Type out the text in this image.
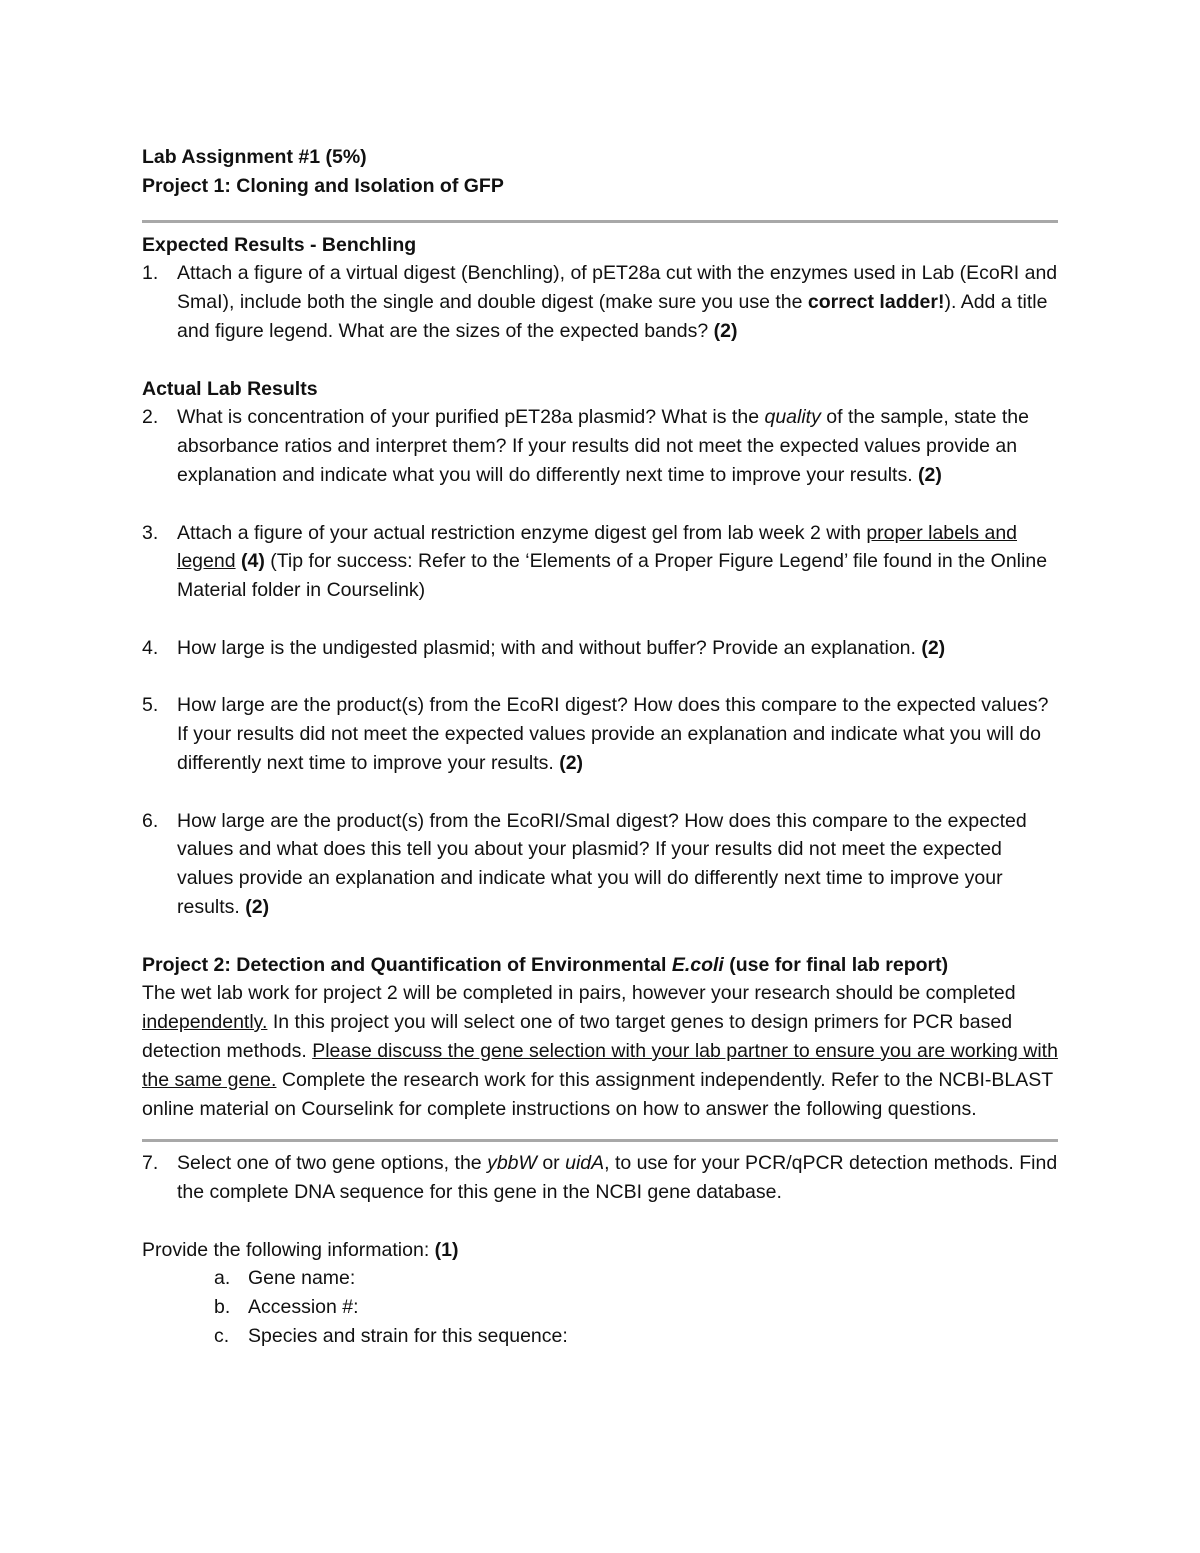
Lab Assignment #1 (5%)
Project 1: Cloning and Isolation of GFP
Expected Results - Benchling
1. Attach a figure of a virtual digest (Benchling), of pET28a cut with the enzymes used in Lab (EcoRI and SmaI), include both the single and double digest (make sure you use the correct ladder!). Add a title and figure legend. What are the sizes of the expected bands? (2)
Actual Lab Results
2. What is concentration of your purified pET28a plasmid? What is the quality of the sample, state the absorbance ratios and interpret them? If your results did not meet the expected values provide an explanation and indicate what you will do differently next time to improve your results. (2)
3. Attach a figure of your actual restriction enzyme digest gel from lab week 2 with proper labels and legend (4) (Tip for success: Refer to the ‘Elements of a Proper Figure Legend’ file found in the Online Material folder in Courselink)
4. How large is the undigested plasmid; with and without buffer? Provide an explanation. (2)
5. How large are the product(s) from the EcoRI digest? How does this compare to the expected values? If your results did not meet the expected values provide an explanation and indicate what you will do differently next time to improve your results. (2)
6. How large are the product(s) from the EcoRI/SmaI digest? How does this compare to the expected values and what does this tell you about your plasmid? If your results did not meet the expected values provide an explanation and indicate what you will do differently next time to improve your results. (2)
Project 2: Detection and Quantification of Environmental E.coli (use for final lab report)
The wet lab work for project 2 will be completed in pairs, however your research should be completed independently. In this project you will select one of two target genes to design primers for PCR based detection methods. Please discuss the gene selection with your lab partner to ensure you are working with the same gene. Complete the research work for this assignment independently. Refer to the NCBI-BLAST online material on Courselink for complete instructions on how to answer the following questions.
7. Select one of two gene options, the ybbW or uidA, to use for your PCR/qPCR detection methods. Find the complete DNA sequence for this gene in the NCBI gene database.
Provide the following information: (1)
a. Gene name:
b. Accession #:
c. Species and strain for this sequence:
